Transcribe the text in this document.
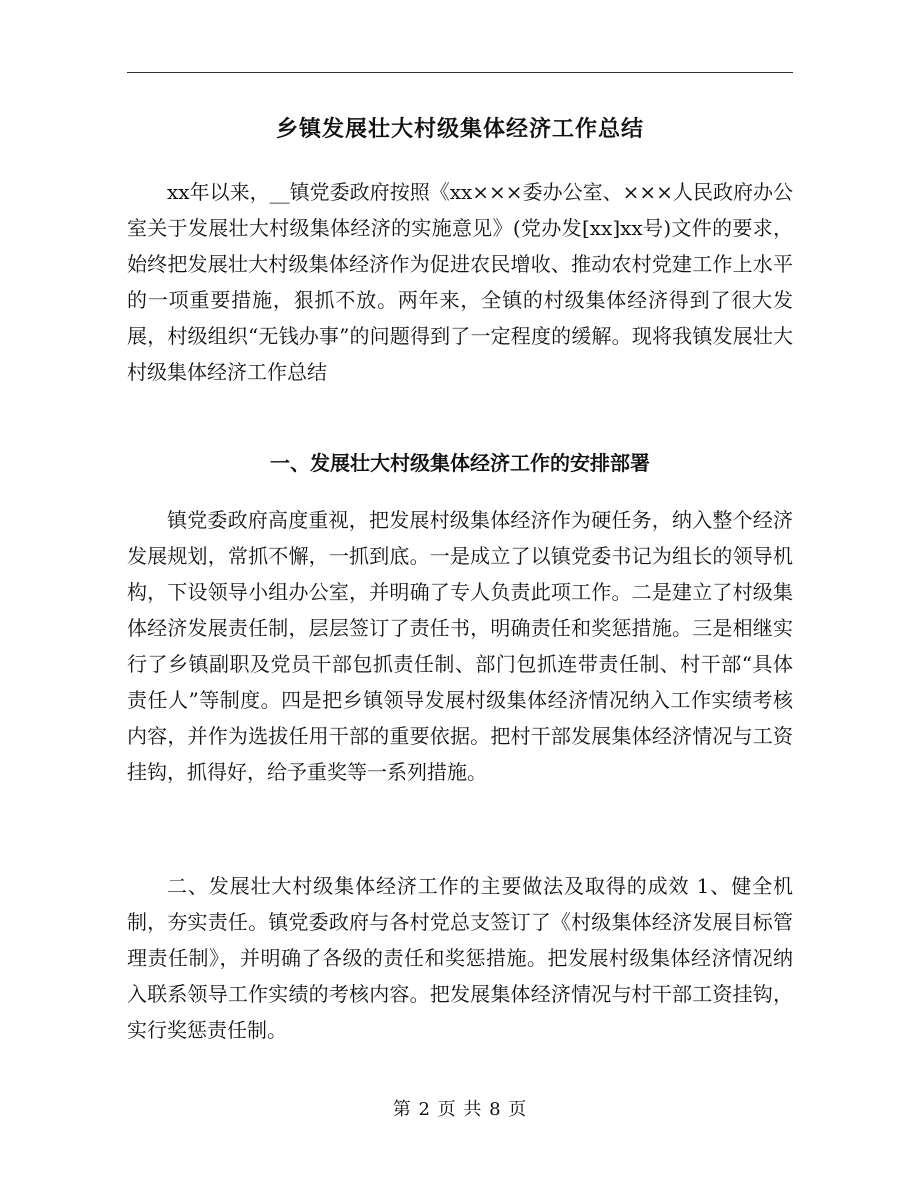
乡镇发展壮大村级集体经济工作总结

xx年以来，__镇党委政府按照《xx×××委办公室、×××人民政府办公室关于发展壮大村级集体经济的实施意见》(党办发[xx]xx号)文件的要求，始终把发展壮大村级集体经济作为促进农民增收、推动农村党建工作上水平的一项重要措施，狠抓不放。两年来，全镇的村级集体经济得到了很大发展，村级组织“无钱办事”的问题得到了一定程度的缓解。现将我镇发展壮大村级集体经济工作总结

一、发展壮大村级集体经济工作的安排部署

镇党委政府高度重视，把发展村级集体经济作为硬任务，纳入整个经济发展规划，常抓不懈，一抓到底。一是成立了以镇党委书记为组长的领导机构，下设领导小组办公室，并明确了专人负责此项工作。二是建立了村级集体经济发展责任制，层层签订了责任书，明确责任和奖惩措施。三是相继实行了乡镇副职及党员干部包抓责任制、部门包抓连带责任制、村干部“具体责任人”等制度。四是把乡镇领导发展村级集体经济情况纳入工作实绩考核内容，并作为选拔任用干部的重要依据。把村干部发展集体经济情况与工资挂钩，抓得好，给予重奖等一系列措施。

二、发展壮大村级集体经济工作的主要做法及取得的成效 1、健全机制，夯实责任。镇党委政府与各村党总支签订了《村级集体经济发展目标管理责任制》，并明确了各级的责任和奖惩措施。把发展村级集体经济情况纳入联系领导工作实绩的考核内容。把发展集体经济情况与村干部工资挂钩，实行奖惩责任制。

第 2 页 共 8 页
